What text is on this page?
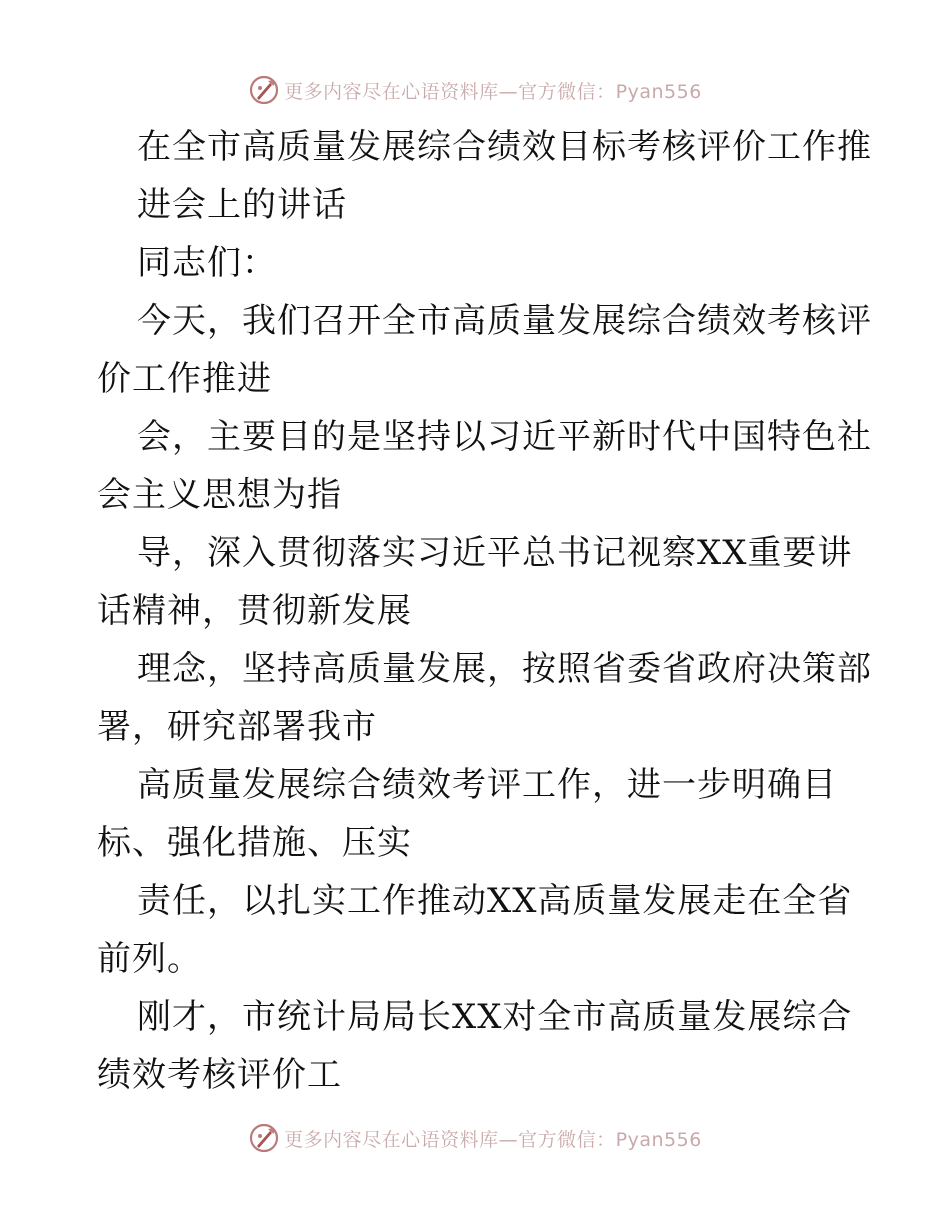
更多内容尽在心语资料库—官方微信：Pyan556
在全市高质量发展综合绩效目标考核评价工作推
进会上的讲话
同志们：
今天，我们召开全市高质量发展综合绩效考核评
价工作推进
会，主要目的是坚持以习近平新时代中国特色社
会主义思想为指
导，深入贯彻落实习近平总书记视察XX重要讲
话精神，贯彻新发展
理念，坚持高质量发展，按照省委省政府决策部
署，研究部署我市
高质量发展综合绩效考评工作，进一步明确目
标、强化措施、压实
责任，以扎实工作推动XX高质量发展走在全省
前列。
刚才，市统计局局长XX对全市高质量发展综合
绩效考核评价工
更多内容尽在心语资料库—官方微信：Pyan556
